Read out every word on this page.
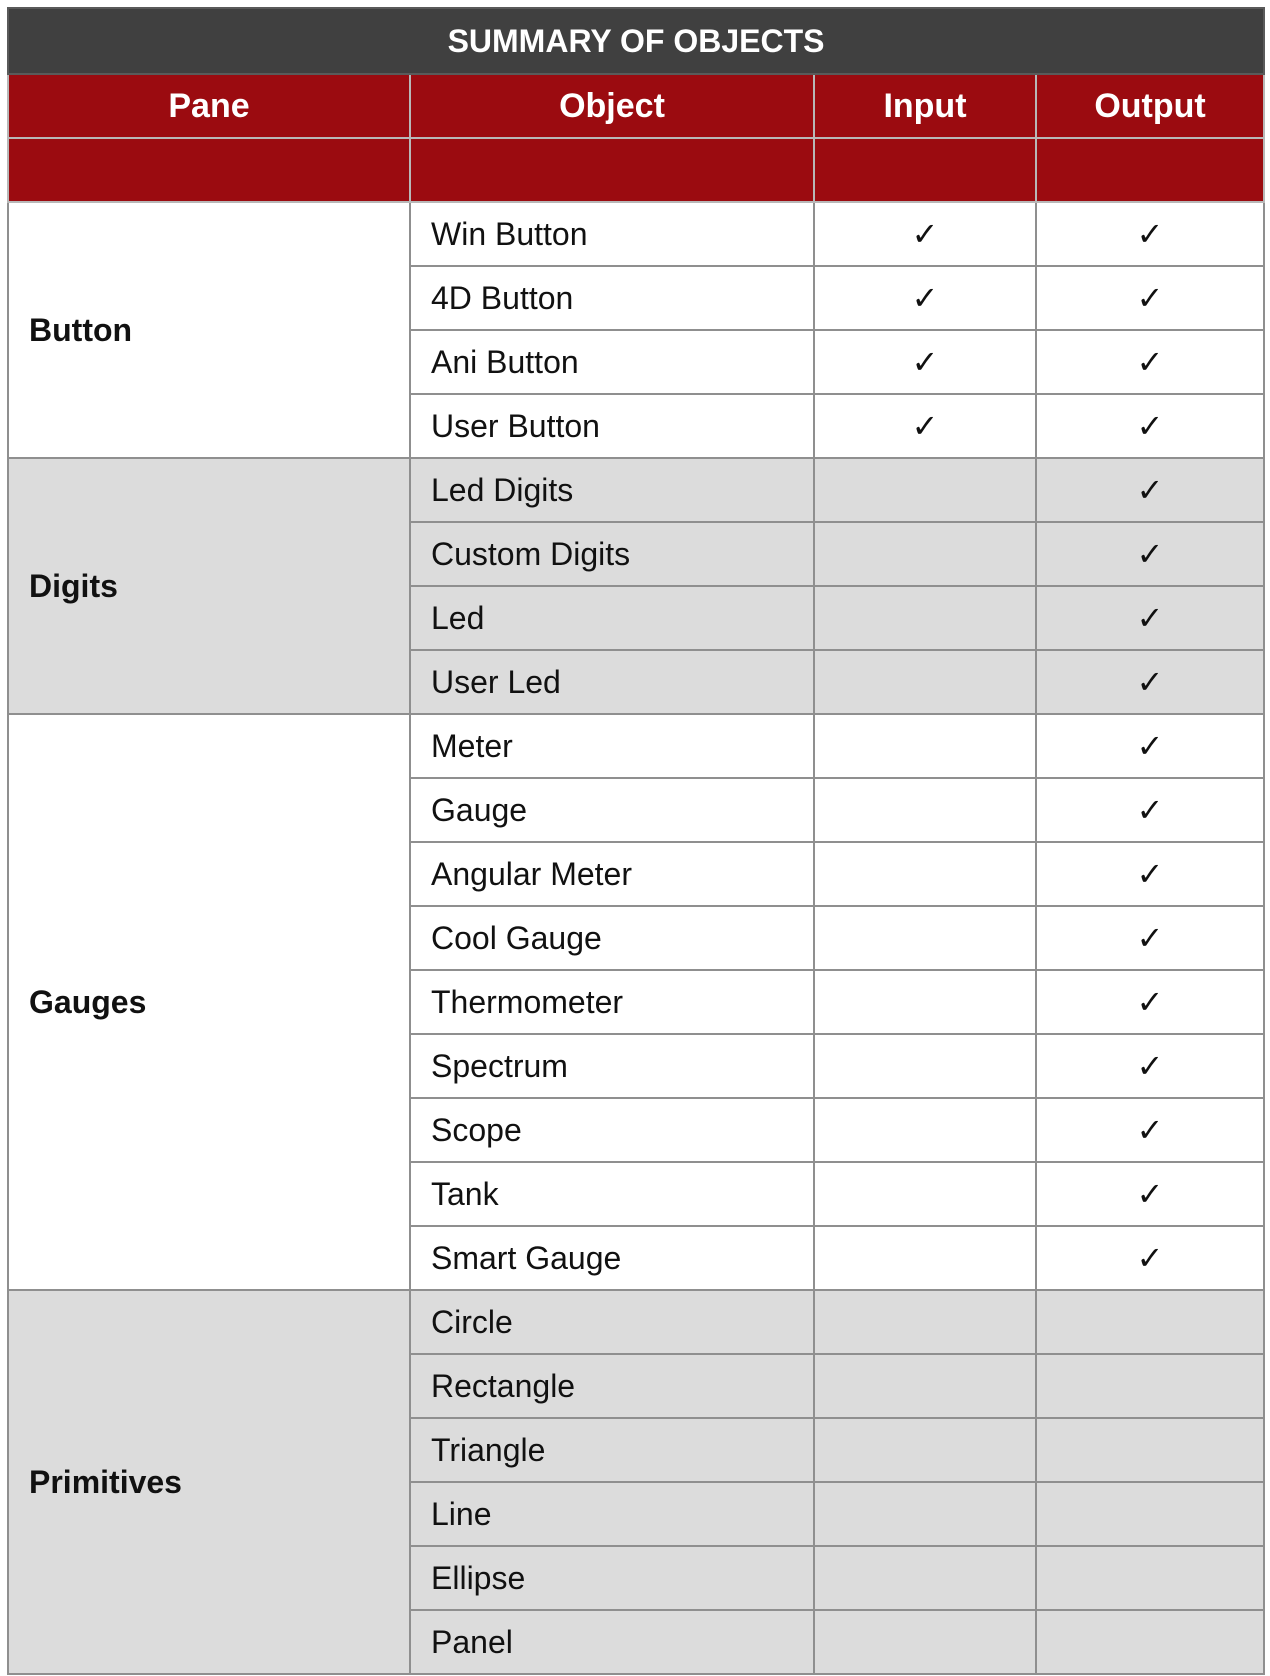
SUMMARY OF OBJECTS			
Pane	Object	Input	Output

Button	Win Button	✓	✓
	4D Button	✓	✓
	Ani Button	✓	✓
	User Button	✓	✓
Digits	Led Digits		✓
	Custom Digits		✓
	Led		✓
	User Led		✓
Gauges	Meter		✓
	Gauge		✓
	Angular Meter		✓
	Cool Gauge		✓
	Thermometer		✓
	Spectrum		✓
	Scope		✓
	Tank		✓
	Smart Gauge		✓
Primitives	Circle		
	Rectangle		
	Triangle		
	Line		
	Ellipse		
	Panel		
